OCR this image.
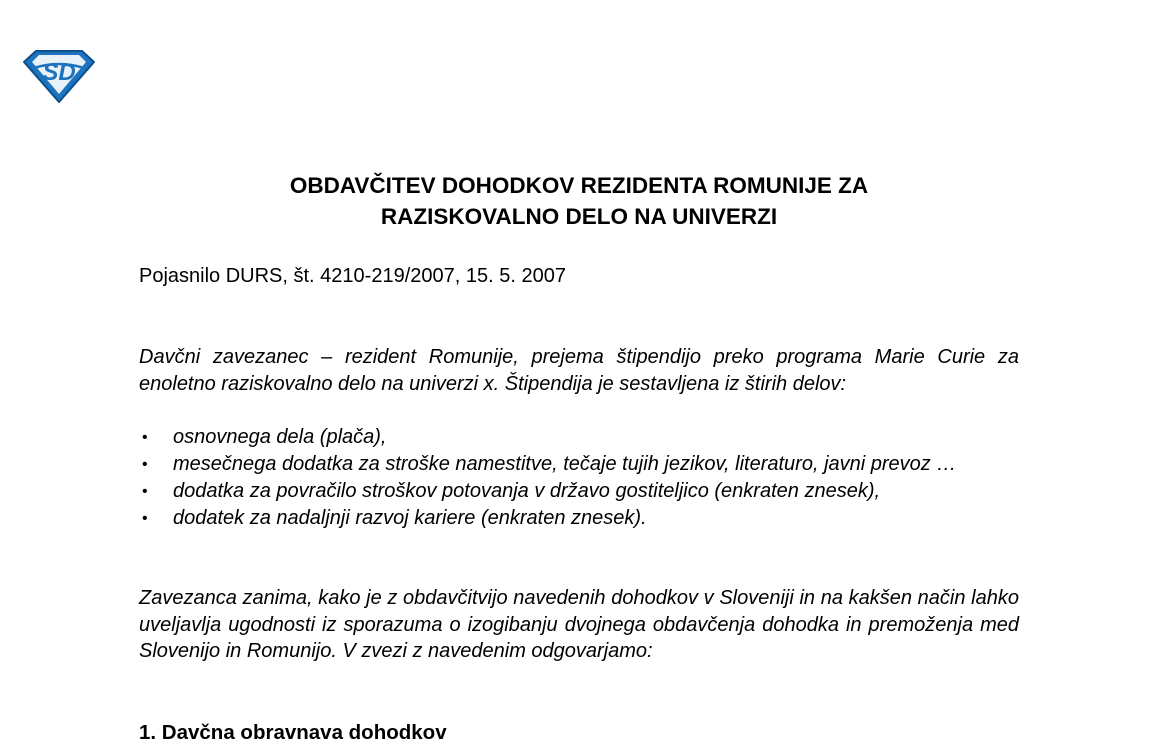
SD
OBDAVČITEV DOHODKOV REZIDENTA ROMUNIJE ZA
RAZISKOVALNO DELO NA UNIVERZI
Pojasnilo DURS, št. 4210-219/2007, 15. 5. 2007

Davčni zavezanec – rezident Romunije, prejema štipendijo preko programa Marie Curie za enoletno raziskovalno delo na univerzi x. Štipendija je sestavljena iz štirih delov:

• osnovnega dela (plača),
• mesečnega dodatka za stroške namestitve, tečaje tujih jezikov, literaturo, javni prevoz …
• dodatka za povračilo stroškov potovanja v državo gostiteljico (enkraten znesek),
• dodatek za nadaljnji razvoj kariere (enkraten znesek).

Zavezanca zanima, kako je z obdavčitvijo navedenih dohodkov v Sloveniji in na kakšen način lahko uveljavlja ugodnosti iz sporazuma o izogibanju dvojnega obdavčenja dohodka in premoženja med Slovenijo in Romunijo. V zvezi z navedenim odgovarjamo:

1. Davčna obravnava dohodkov
